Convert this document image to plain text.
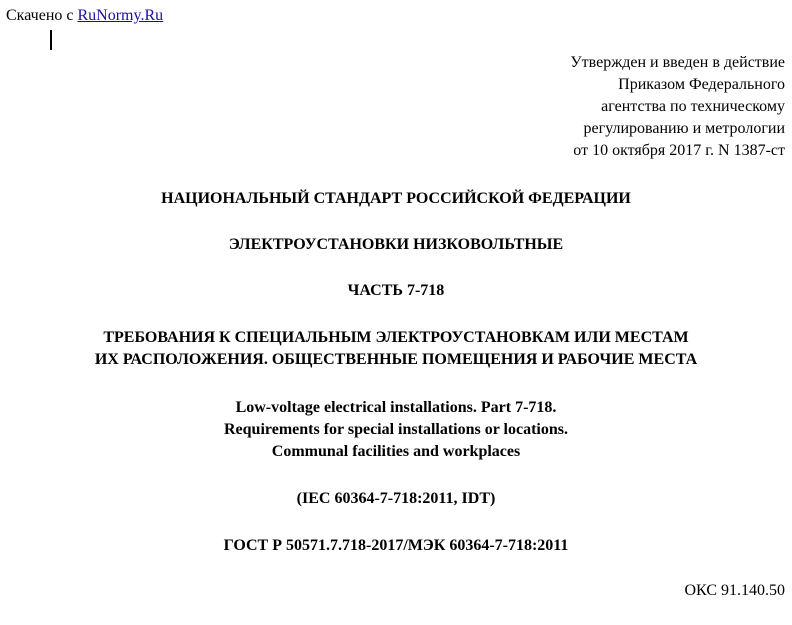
Скачено с RuNormy.Ru
Утвержден и введен в действие
Приказом Федерального
агентства по техническому
регулированию и метрологии
от 10 октября 2017 г. N 1387-ст
НАЦИОНАЛЬНЫЙ СТАНДАРТ РОССИЙСКОЙ ФЕДЕРАЦИИ
ЭЛЕКТРОУСТАНОВКИ НИЗКОВОЛЬТНЫЕ
ЧАСТЬ 7-718
ТРЕБОВАНИЯ К СПЕЦИАЛЬНЫМ ЭЛЕКТРОУСТАНОВКАМ ИЛИ МЕСТАМ
ИХ РАСПОЛОЖЕНИЯ. ОБЩЕСТВЕННЫЕ ПОМЕЩЕНИЯ И РАБОЧИЕ МЕСТА
Low-voltage electrical installations. Part 7-718.
Requirements for special installations or locations.
Communal facilities and workplaces
(IEC 60364-7-718:2011, IDT)
ГОСТ Р 50571.7.718-2017/МЭК 60364-7-718:2011
ОКС 91.140.50
